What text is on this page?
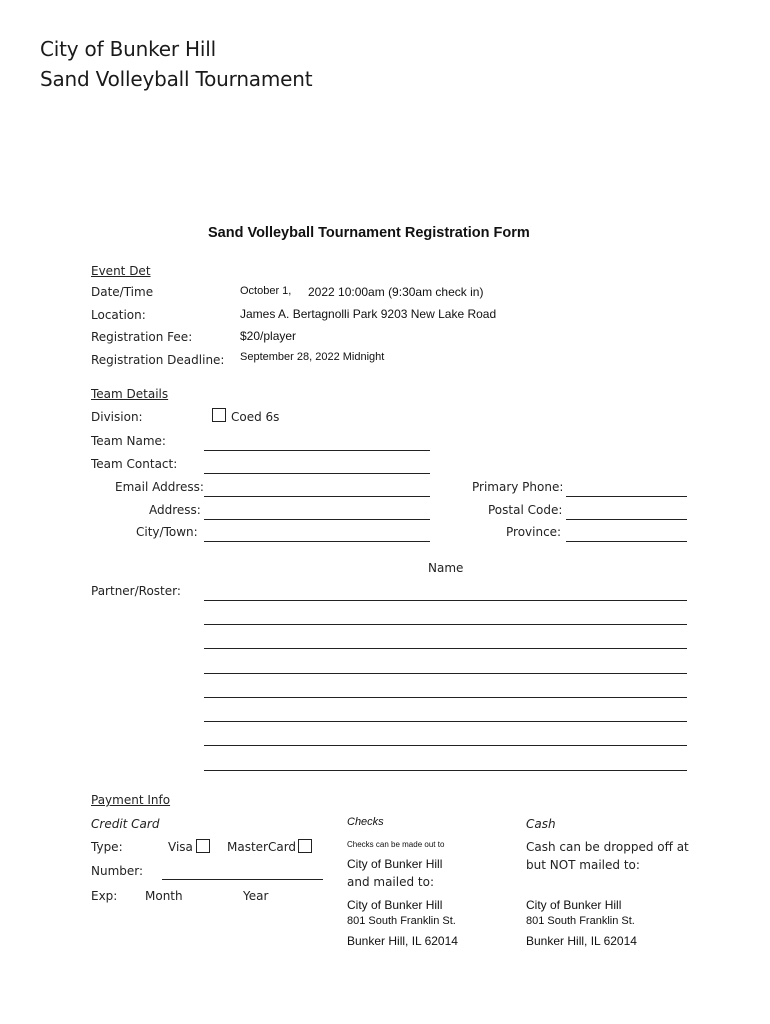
City of Bunker Hill
Sand Volleyball Tournament
Sand Volleyball Tournament Registration Form
Event Det
Date/Time	October 1, 2022 10:00am (9:30am check in)
Location:	James A. Bertagnolli Park 9203 New Lake Road
Registration Fee:	$20/player
Registration Deadline: September 28, 2022 Midnight
Team Details
Division:	Coed 6s
Team Name:
Team Contact:
Email Address:
Address:
City/Town:
Primary Phone:
Postal Code:
Province:
Name
Partner/Roster:
Payment Info
Credit Card
Type:	Visa	MasterCard
Number:
Exp: Month	Year
Checks
Checks can be made out to
City of Bunker Hill
and mailed to:
City of Bunker Hill
801 South Franklin St.
Bunker Hill, IL 62014
Cash
Cash can be dropped off at
but NOT mailed to:
City of Bunker Hill
801 South Franklin St.
Bunker Hill, IL 62014
